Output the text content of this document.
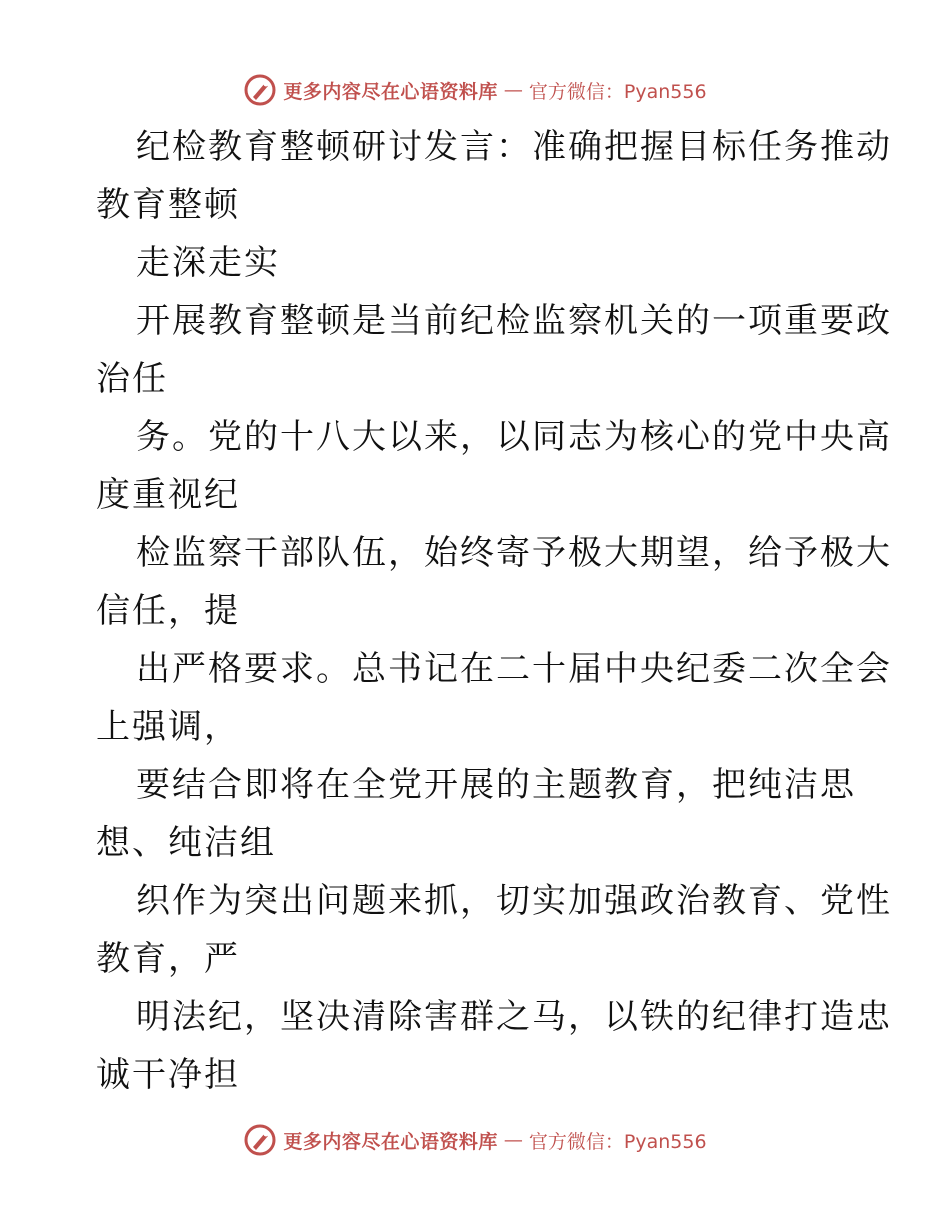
更多内容尽在心语资料库 — 官方微信：Pyan556
纪检教育整顿研讨发言：准确把握目标任务推动
教育整顿
走深走实
开展教育整顿是当前纪检监察机关的一项重要政
治任
务。党的十八大以来，以同志为核心的党中央高
度重视纪
检监察干部队伍，始终寄予极大期望，给予极大
信任，提
出严格要求。总书记在二十届中央纪委二次全会
上强调，
要结合即将在全党开展的主题教育，把纯洁思
想、纯洁组
织作为突出问题来抓，切实加强政治教育、党性
教育，严
明法纪，坚决清除害群之马，以铁的纪律打造忠
诚干净担
更多内容尽在心语资料库 — 官方微信：Pyan556
